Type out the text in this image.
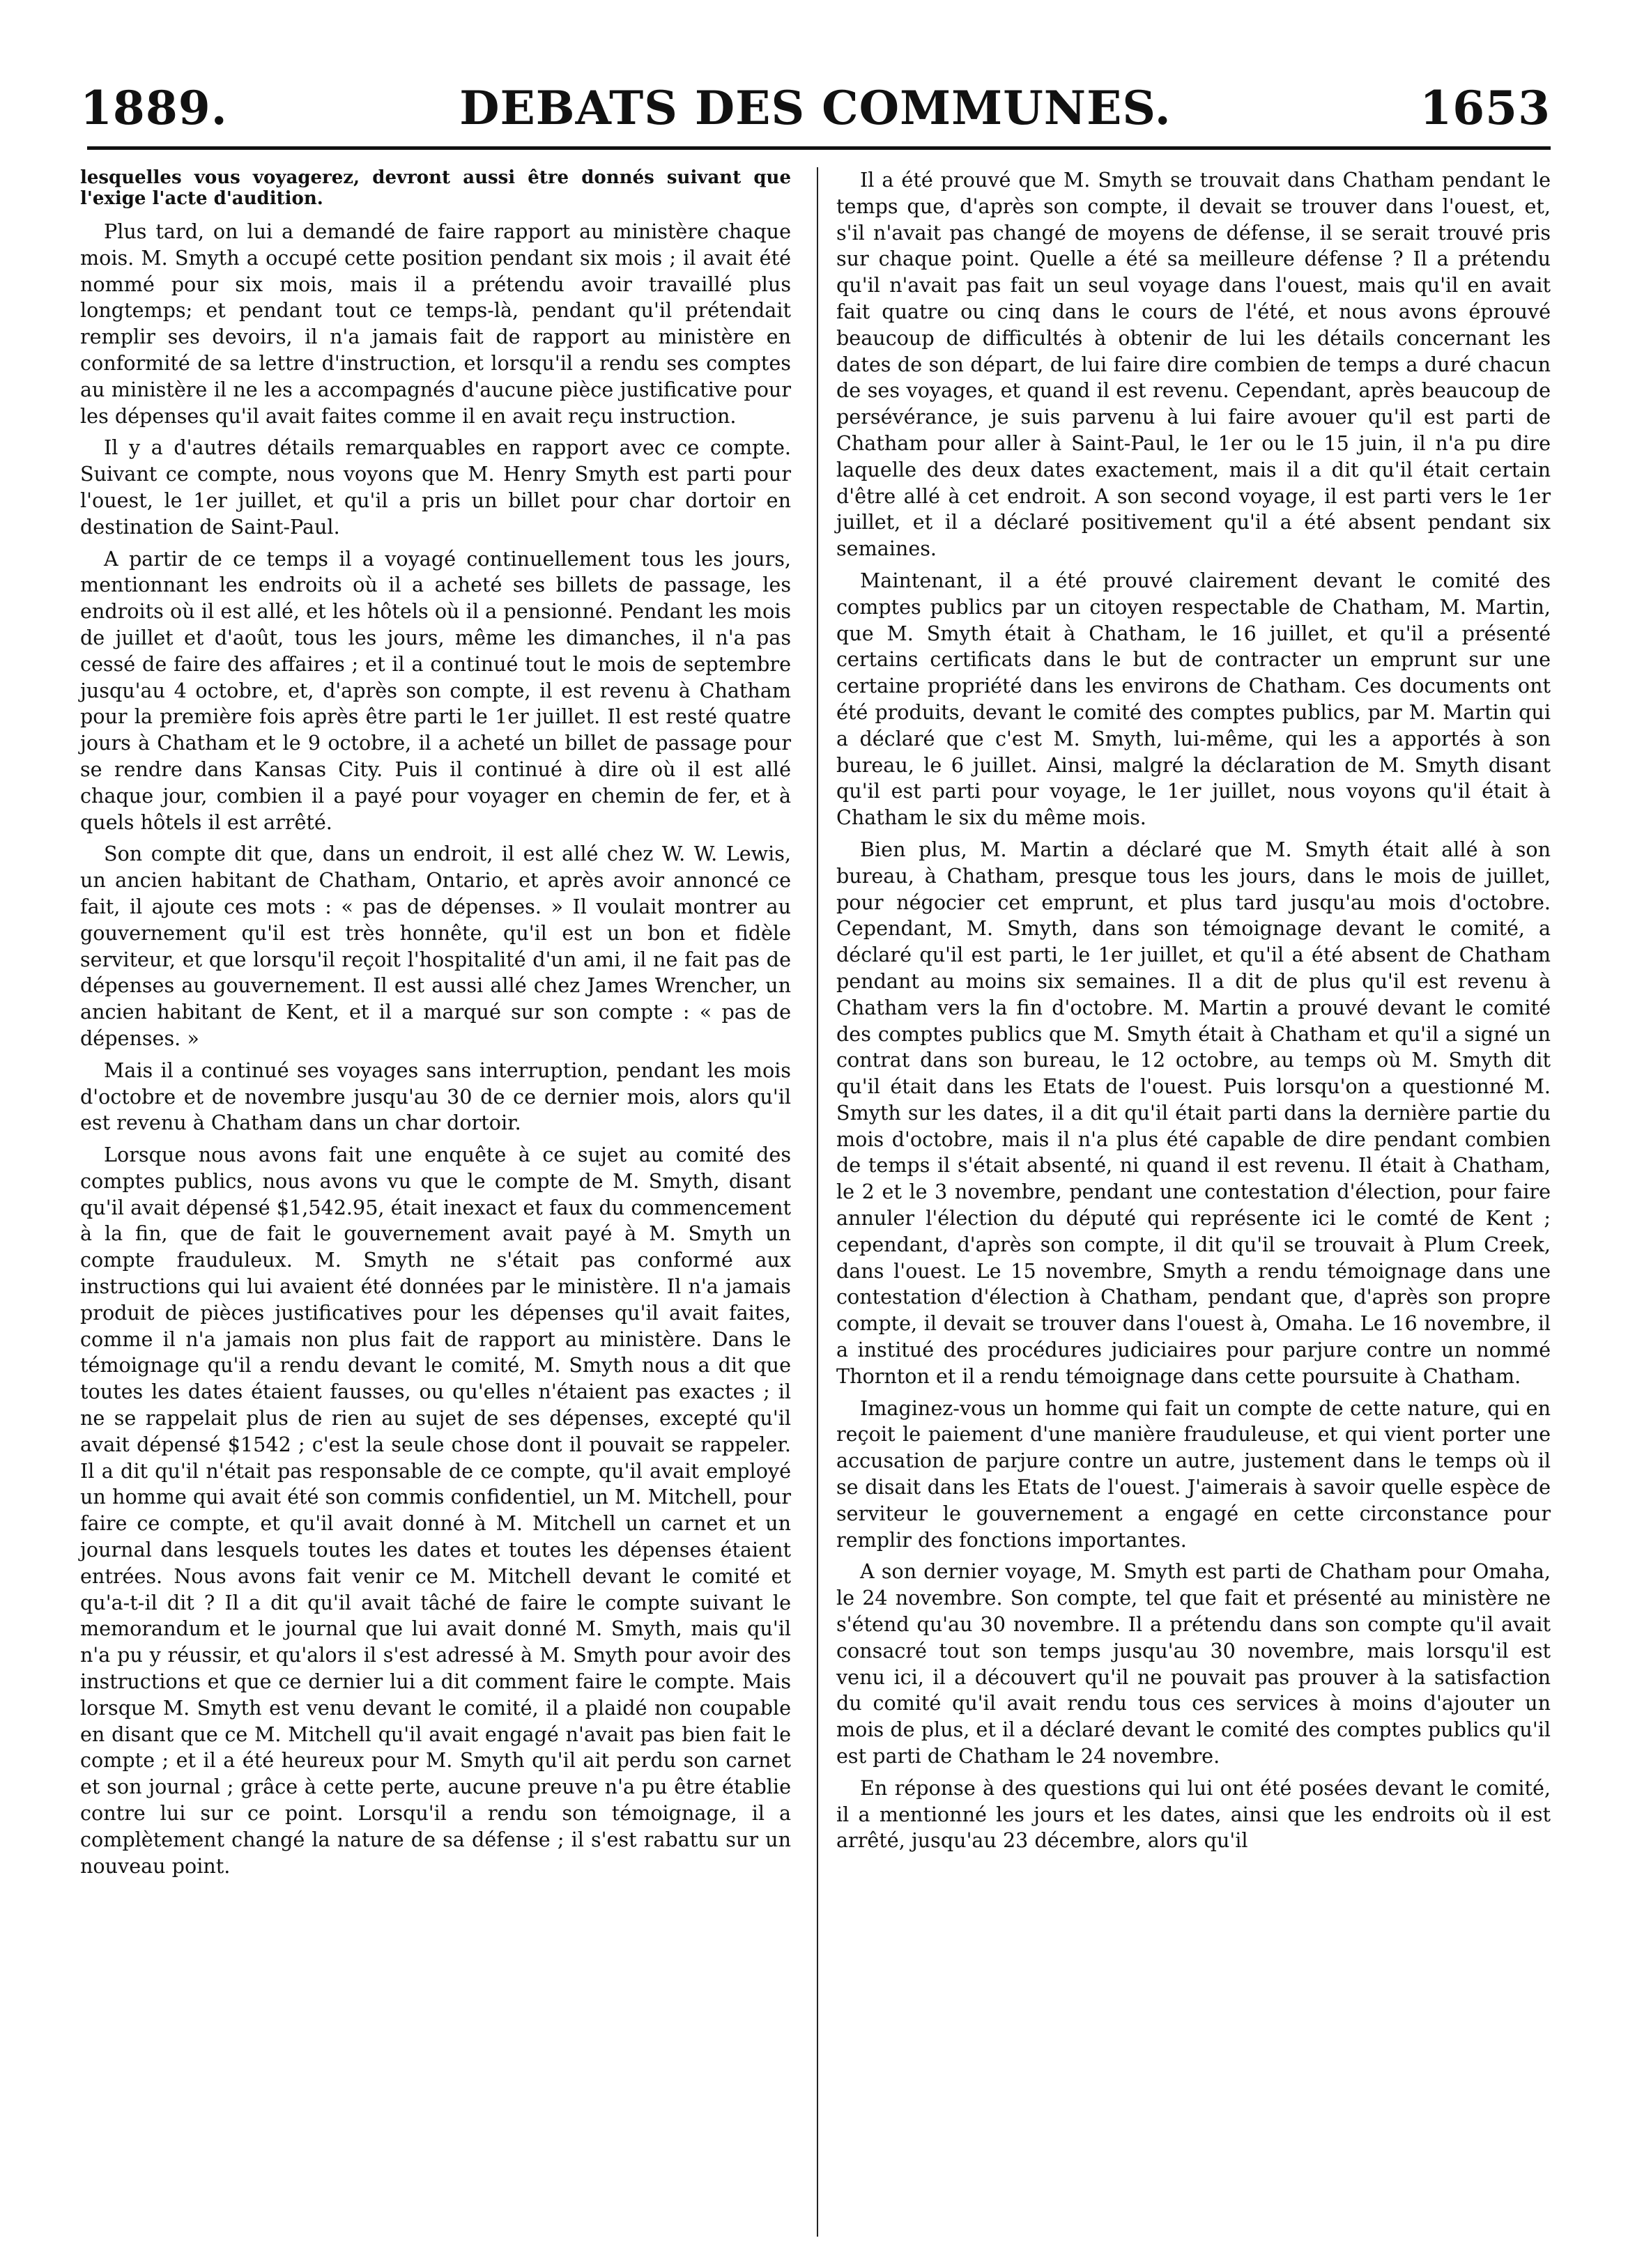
1889.	DEBATS DES COMMUNES.	1653

lesquelles vous voyagerez, devront aussi être donnés suivant que l'exige l'acte d'audition.

Plus tard, on lui a demandé de faire rapport au ministère chaque mois. M. Smyth a occupé cette position pendant six mois ; il avait été nommé pour six mois, mais il a prétendu avoir travaillé plus longtemps; et pendant tout ce temps-là, pendant qu'il prétendait remplir ses devoirs, il n'a jamais fait de rapport au ministère en conformité de sa lettre d'instruction, et lorsqu'il a rendu ses comptes au ministère il ne les a accompagnés d'aucune pièce justificative pour les dépenses qu'il avait faites comme il en avait reçu instruction.

Il y a d'autres détails remarquables en rapport avec ce compte. Suivant ce compte, nous voyons que M. Henry Smyth est parti pour l'ouest, le 1er juillet, et qu'il a pris un billet pour char dortoir en destination de Saint-Paul.

A partir de ce temps il a voyagé continuellement tous les jours, mentionnant les endroits où il a acheté ses billets de passage, les endroits où il est allé, et les hôtels où il a pensionné. Pendant les mois de juillet et d'août, tous les jours, même les dimanches, il n'a pas cessé de faire des affaires ; et il a continué tout le mois de septembre jusqu'au 4 octobre, et, d'après son compte, il est revenu à Chatham pour la première fois après être parti le 1er juillet. Il est resté quatre jours à Chatham et le 9 octobre, il a acheté un billet de passage pour se rendre dans Kansas City. Puis il continué à dire où il est allé chaque jour, combien il a payé pour voyager en chemin de fer, et à quels hôtels il est arrêté.

Son compte dit que, dans un endroit, il est allé chez W. W. Lewis, un ancien habitant de Chatham, Ontario, et après avoir annoncé ce fait, il ajoute ces mots : « pas de dépenses. » Il voulait montrer au gouvernement qu'il est très honnête, qu'il est un bon et fidèle serviteur, et que lorsqu'il reçoit l'hospitalité d'un ami, il ne fait pas de dépenses au gouvernement. Il est aussi allé chez James Wrencher, un ancien habitant de Kent, et il a marqué sur son compte : « pas de dépenses. »

Mais il a continué ses voyages sans interruption, pendant les mois d'octobre et de novembre jusqu'au 30 de ce dernier mois, alors qu'il est revenu à Chatham dans un char dortoir.

Lorsque nous avons fait une enquête à ce sujet au comité des comptes publics, nous avons vu que le compte de M. Smyth, disant qu'il avait dépensé $1,542.95, était inexact et faux du commencement à la fin, que de fait le gouvernement avait payé à M. Smyth un compte frauduleux. M. Smyth ne s'était pas conformé aux instructions qui lui avaient été données par le ministère. Il n'a jamais produit de pièces justificatives pour les dépenses qu'il avait faites, comme il n'a jamais non plus fait de rapport au ministère. Dans le témoignage qu'il a rendu devant le comité, M. Smyth nous a dit que toutes les dates étaient fausses, ou qu'elles n'étaient pas exactes ; il ne se rappelait plus de rien au sujet de ses dépenses, excepté qu'il avait dépensé $1542 ; c'est la seule chose dont il pouvait se rappeler. Il a dit qu'il n'était pas responsable de ce compte, qu'il avait employé un homme qui avait été son commis confidentiel, un M. Mitchell, pour faire ce compte, et qu'il avait donné à M. Mitchell un carnet et un journal dans lesquels toutes les dates et toutes les dépenses étaient entrées. Nous avons fait venir ce M. Mitchell devant le comité et qu'a-t-il dit ? Il a dit qu'il avait tâché de faire le compte suivant le memorandum et le journal que lui avait donné M. Smyth, mais qu'il n'a pu y réussir, et qu'alors il s'est adressé à M. Smyth pour avoir des instructions et que ce dernier lui a dit comment faire le compte. Mais lorsque M. Smyth est venu devant le comité, il a plaidé non coupable en disant que ce M. Mitchell qu'il avait engagé n'avait pas bien fait le compte ; et il a été heureux pour M. Smyth qu'il ait perdu son carnet et son journal ; grâce à cette perte, aucune preuve n'a pu être établie contre lui sur ce point. Lorsqu'il a rendu son témoignage, il a complètement changé la nature de sa défense ; il s'est rabattu sur un nouveau point.

Il a été prouvé que M. Smyth se trouvait dans Chatham pendant le temps que, d'après son compte, il devait se trouver dans l'ouest, et, s'il n'avait pas changé de moyens de défense, il se serait trouvé pris sur chaque point. Quelle a été sa meilleure défense ? Il a prétendu qu'il n'avait pas fait un seul voyage dans l'ouest, mais qu'il en avait fait quatre ou cinq dans le cours de l'été, et nous avons éprouvé beaucoup de difficultés à obtenir de lui les détails concernant les dates de son départ, de lui faire dire combien de temps a duré chacun de ses voyages, et quand il est revenu. Cependant, après beaucoup de persévérance, je suis parvenu à lui faire avouer qu'il est parti de Chatham pour aller à Saint-Paul, le 1er ou le 15 juin, il n'a pu dire laquelle des deux dates exactement, mais il a dit qu'il était certain d'être allé à cet endroit. A son second voyage, il est parti vers le 1er juillet, et il a déclaré positivement qu'il a été absent pendant six semaines.

Maintenant, il a été prouvé clairement devant le comité des comptes publics par un citoyen respectable de Chatham, M. Martin, que M. Smyth était à Chatham, le 16 juillet, et qu'il a présenté certains certificats dans le but de contracter un emprunt sur une certaine propriété dans les environs de Chatham. Ces documents ont été produits, devant le comité des comptes publics, par M. Martin qui a déclaré que c'est M. Smyth, lui-même, qui les a apportés à son bureau, le 6 juillet. Ainsi, malgré la déclaration de M. Smyth disant qu'il est parti pour voyage, le 1er juillet, nous voyons qu'il était à Chatham le six du même mois.

Bien plus, M. Martin a déclaré que M. Smyth était allé à son bureau, à Chatham, presque tous les jours, dans le mois de juillet, pour négocier cet emprunt, et plus tard jusqu'au mois d'octobre. Cependant, M. Smyth, dans son témoignage devant le comité, a déclaré qu'il est parti, le 1er juillet, et qu'il a été absent de Chatham pendant au moins six semaines. Il a dit de plus qu'il est revenu à Chatham vers la fin d'octobre. M. Martin a prouvé devant le comité des comptes publics que M. Smyth était à Chatham et qu'il a signé un contrat dans son bureau, le 12 octobre, au temps où M. Smyth dit qu'il était dans les Etats de l'ouest. Puis lorsqu'on a questionné M. Smyth sur les dates, il a dit qu'il était parti dans la dernière partie du mois d'octobre, mais il n'a plus été capable de dire pendant combien de temps il s'était absenté, ni quand il est revenu. Il était à Chatham, le 2 et le 3 novembre, pendant une contestation d'élection, pour faire annuler l'élection du député qui représente ici le comté de Kent ; cependant, d'après son compte, il dit qu'il se trouvait à Plum Creek, dans l'ouest. Le 15 novembre, Smyth a rendu témoignage dans une contestation d'élection à Chatham, pendant que, d'après son propre compte, il devait se trouver dans l'ouest à, Omaha. Le 16 novembre, il a institué des procédures judiciaires pour parjure contre un nommé Thornton et il a rendu témoignage dans cette poursuite à Chatham.

Imaginez-vous un homme qui fait un compte de cette nature, qui en reçoit le paiement d'une manière frauduleuse, et qui vient porter une accusation de parjure contre un autre, justement dans le temps où il se disait dans les Etats de l'ouest. J'aimerais à savoir quelle espèce de serviteur le gouvernement a engagé en cette circonstance pour remplir des fonctions importantes.

A son dernier voyage, M. Smyth est parti de Chatham pour Omaha, le 24 novembre. Son compte, tel que fait et présenté au ministère ne s'étend qu'au 30 novembre. Il a prétendu dans son compte qu'il avait consacré tout son temps jusqu'au 30 novembre, mais lorsqu'il est venu ici, il a découvert qu'il ne pouvait pas prouver à la satisfaction du comité qu'il avait rendu tous ces services à moins d'ajouter un mois de plus, et il a déclaré devant le comité des comptes publics qu'il est parti de Chatham le 24 novembre.

En réponse à des questions qui lui ont été posées devant le comité, il a mentionné les jours et les dates, ainsi que les endroits où il est arrêté, jusqu'au 23 décembre, alors qu'il
